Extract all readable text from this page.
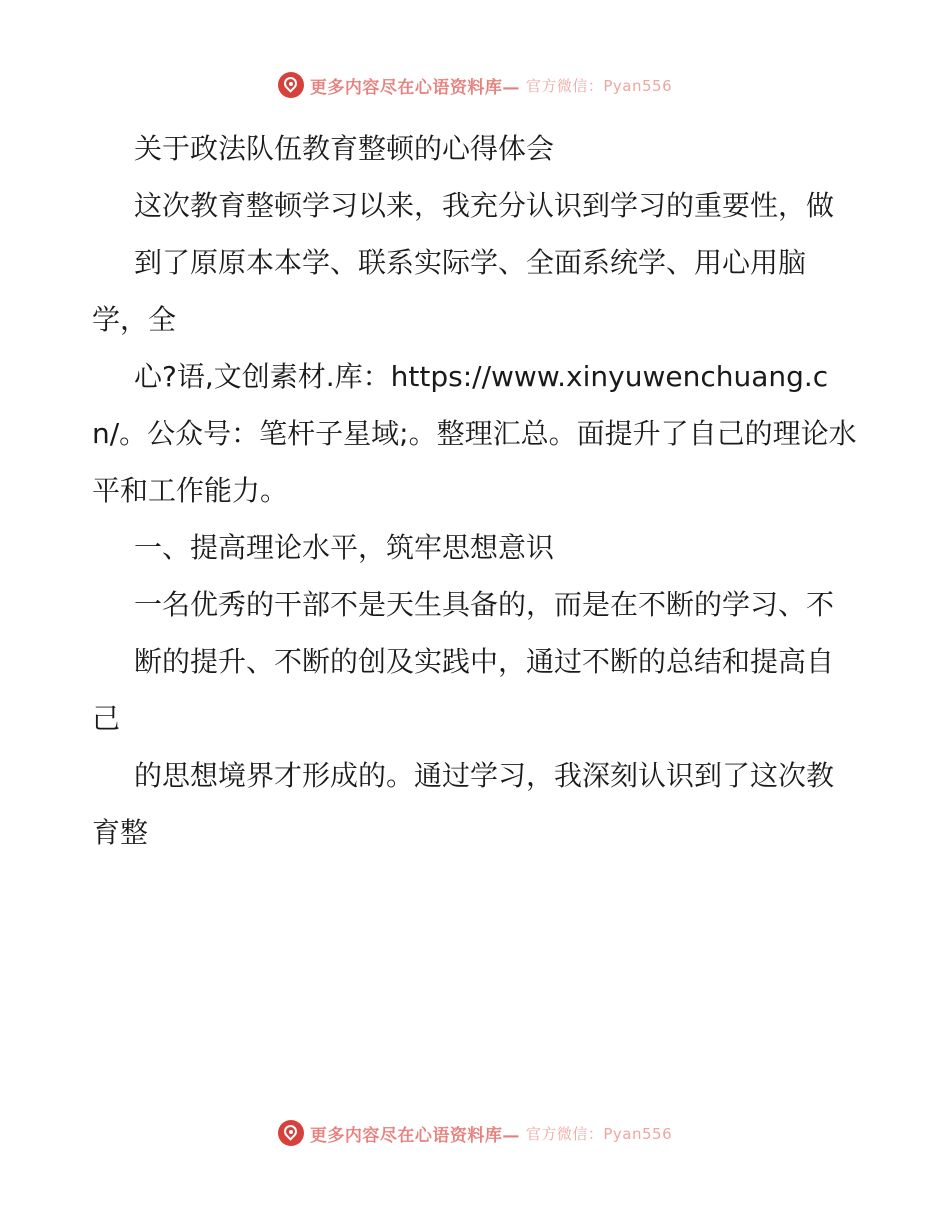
更多内容尽在心语资料库— 官方微信：Pyan556

关于政法队伍教育整顿的心得体会

这次教育整顿学习以来，我充分认识到学习的重要性，做

到了原原本本学、联系实际学、全面系统学、用心用脑学，全

心?语,文创素材.库：https://www.xinyuwenchuang.cn/。公众号：笔杆子星域;。整理汇总。面提升了自己的理论水平和工作能力。

一、提高理论水平，筑牢思想意识

一名优秀的干部不是天生具备的，而是在不断的学习、不

断的提升、不断的创及实践中，通过不断的总结和提高自己

的思想境界才形成的。通过学习，我深刻认识到了这次教育整

更多内容尽在心语资料库— 官方微信：Pyan556
